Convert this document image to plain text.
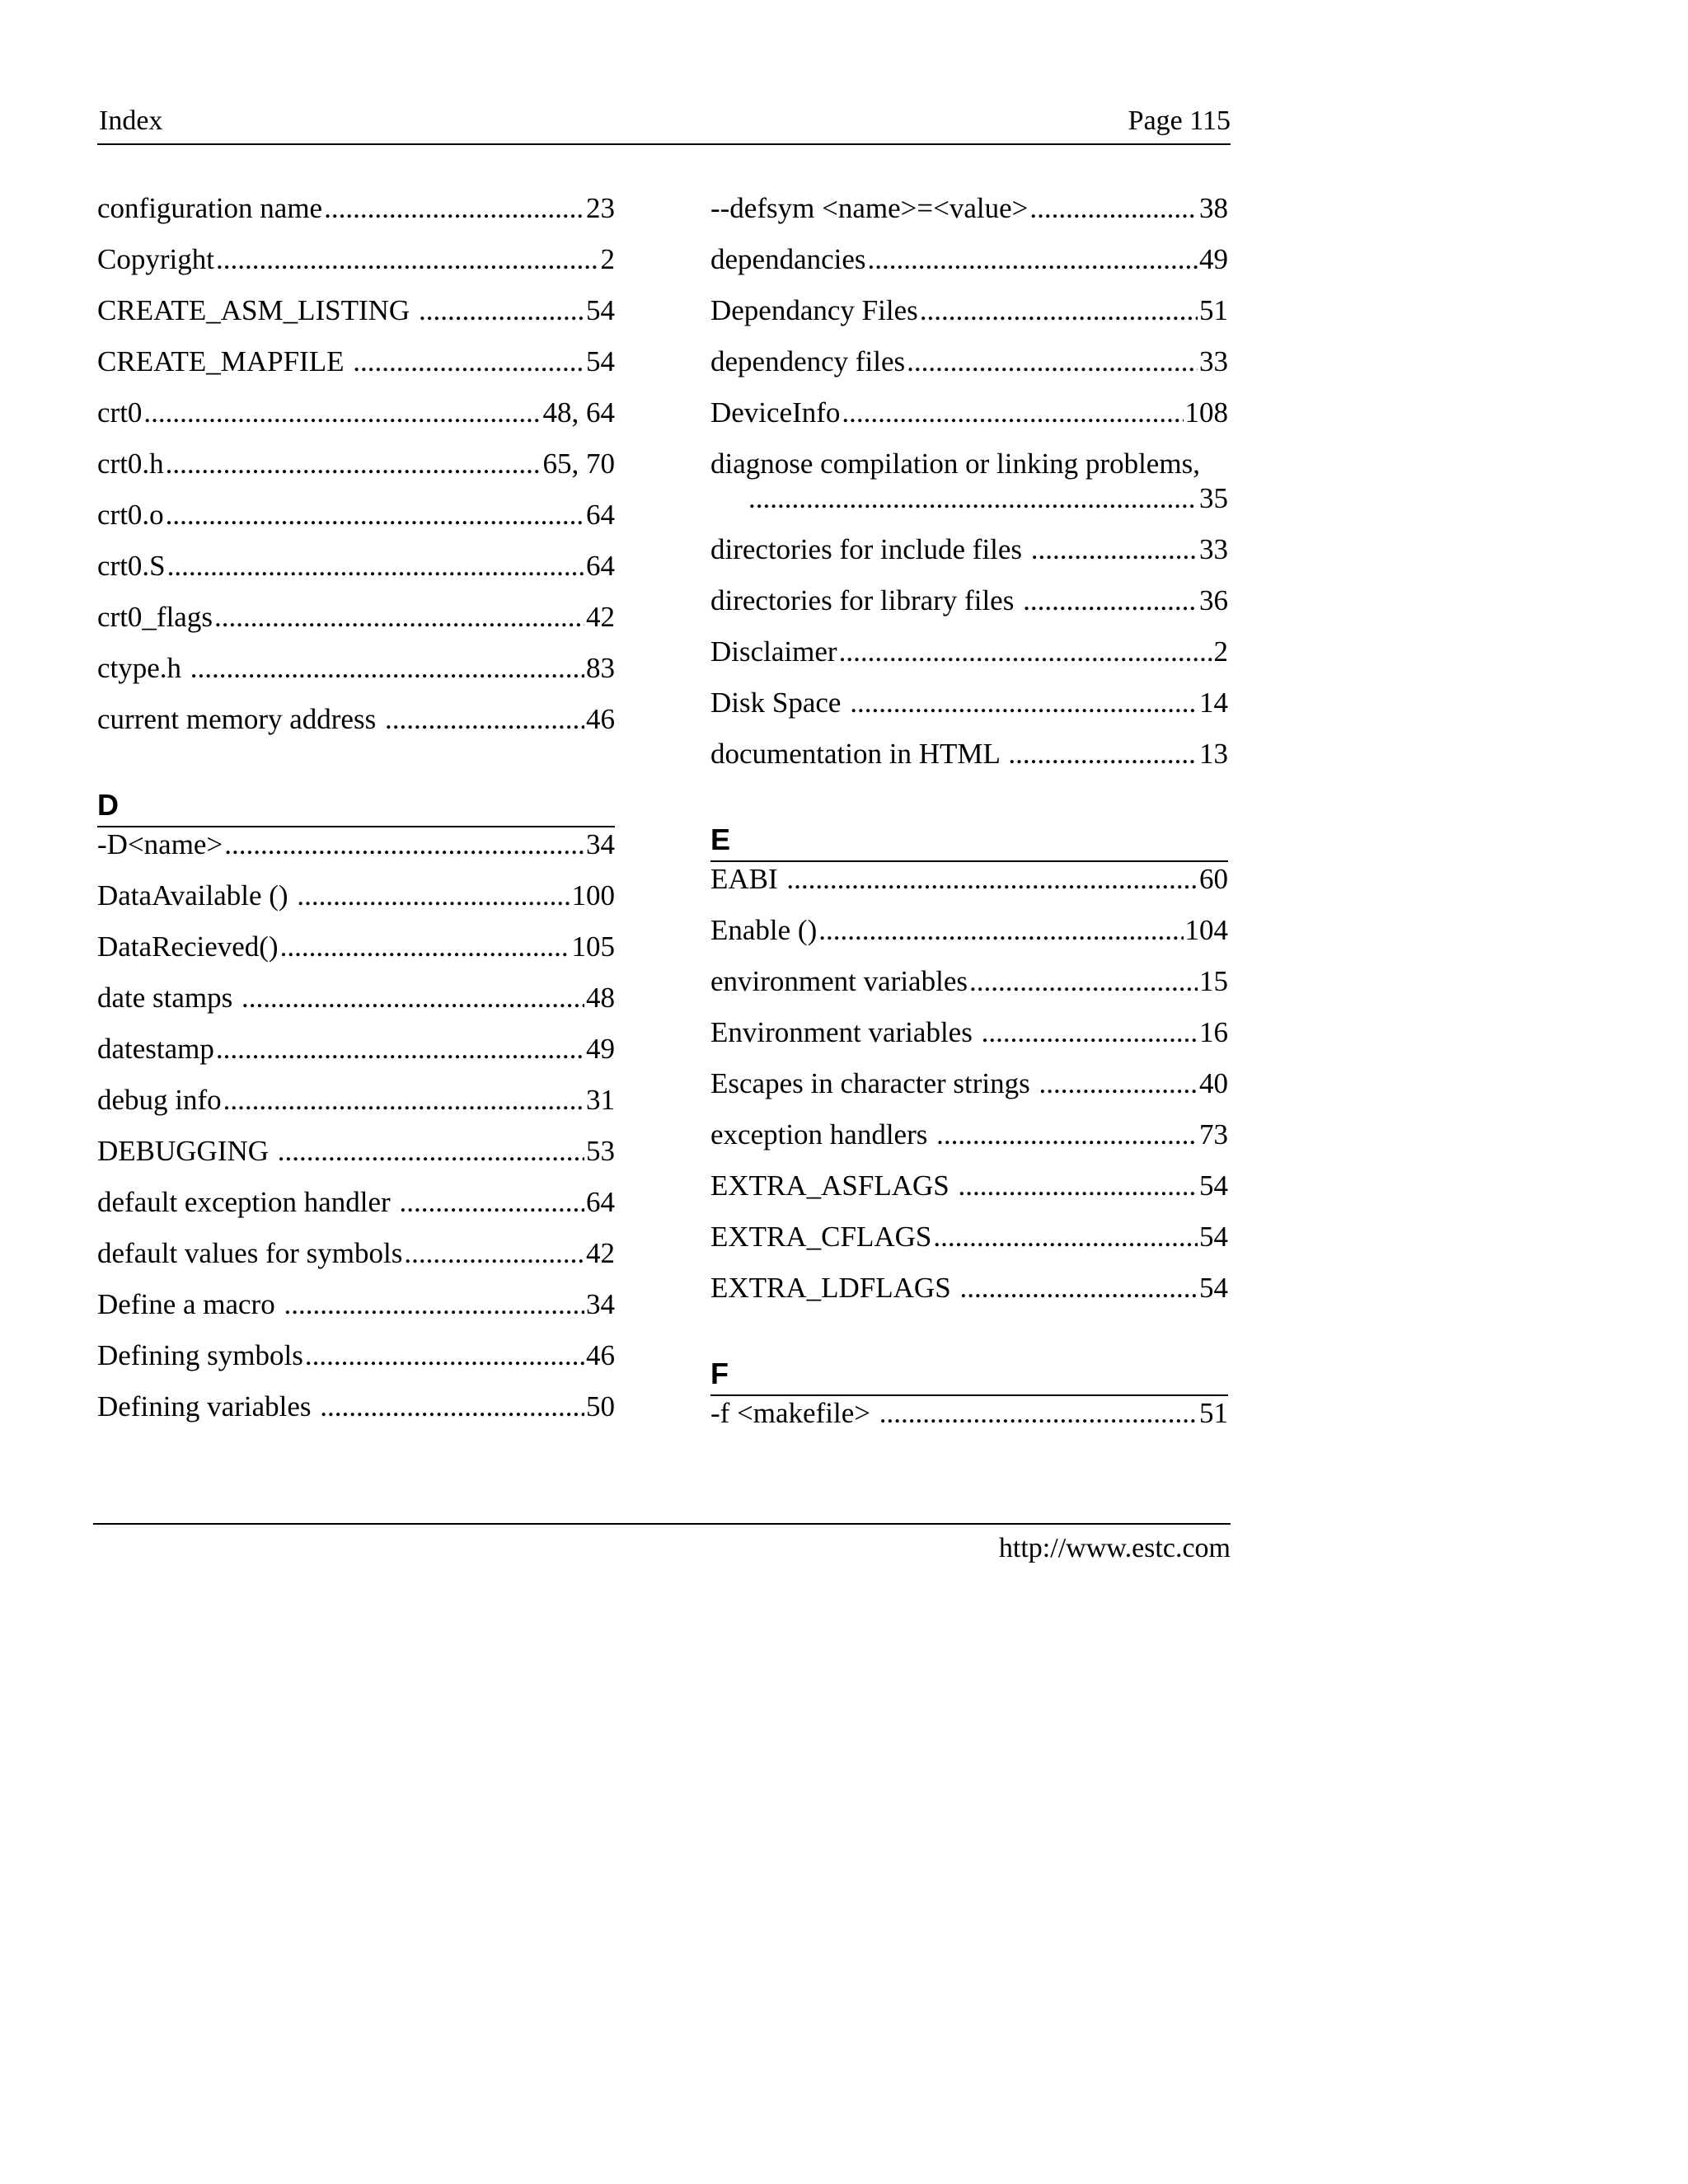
Index	Page 115
configuration name .....	23
Copyright .....	2
CREATE_ASM_LISTING .....	54
CREATE_MAPFILE .....	54
crt0 .....	48, 64
crt0.h .....	65, 70
crt0.o .....	64
crt0.S .....	64
crt0_flags .....	42
ctype.h .....	83
current memory address .....	46
D
-D<name> .....	34
DataAvailable () .....	100
DataRecieved() .....	105
date stamps .....	48
datestamp .....	49
debug info .....	31
DEBUGGING .....	53
default exception handler .....	64
default values for symbols .....	42
Define a macro .....	34
Defining symbols .....	46
Defining variables .....	50
--defsym <name>=<value> .....	38
dependancies .....	49
Dependancy Files .....	51
dependency files .....	33
DeviceInfo .....	108
diagnose compilation or linking problems,
.....
35
directories for include files .....	33
directories for library files .....	36
Disclaimer .....	2
Disk Space .....	14
documentation in HTML .....	13
E
EABI .....	60
Enable () .....	104
environment variables .....	15
Environment variables .....	16
Escapes in character strings .....	40
exception handlers .....	73
EXTRA_ASFLAGS .....	54
EXTRA_CFLAGS .....	54
EXTRA_LDFLAGS .....	54
F
-f <makefile> .....	51
http://www.estc.com
